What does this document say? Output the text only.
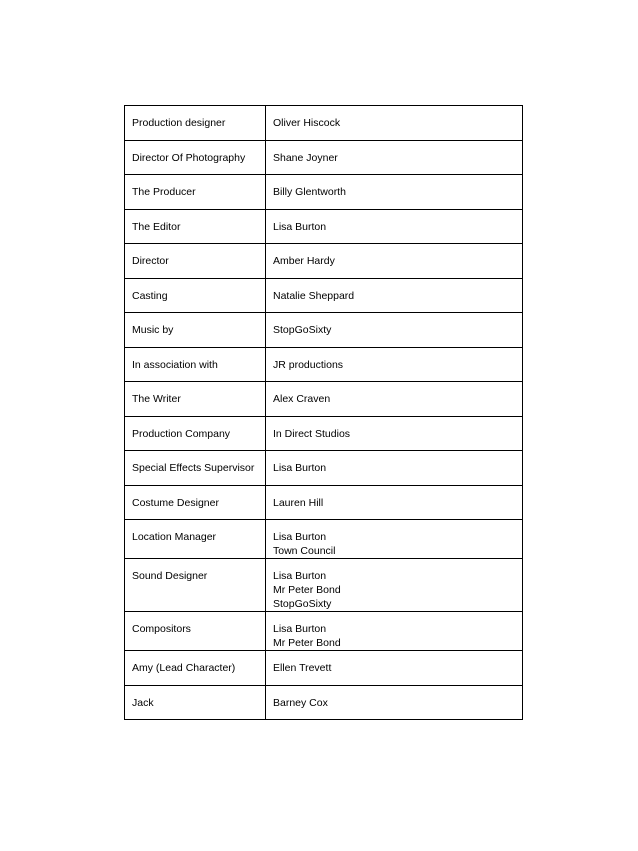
Production designer	Oliver Hiscock

Director Of Photography	Shane Joyner

The Producer	Billy Glentworth

The Editor	Lisa Burton

Director	Amber Hardy

Casting	Natalie Sheppard

Music by	StopGoSixty

In association with	JR productions

The Writer	Alex Craven

Production Company	In Direct Studios

Special Effects Supervisor	Lisa Burton

Costume Designer	Lauren Hill

Location Manager	Lisa Burton
Town Council

Sound Designer	Lisa Burton
Mr Peter Bond
StopGoSixty

Compositors	Lisa Burton
Mr Peter Bond

Amy (Lead Character)	Ellen Trevett

Jack	Barney Cox
